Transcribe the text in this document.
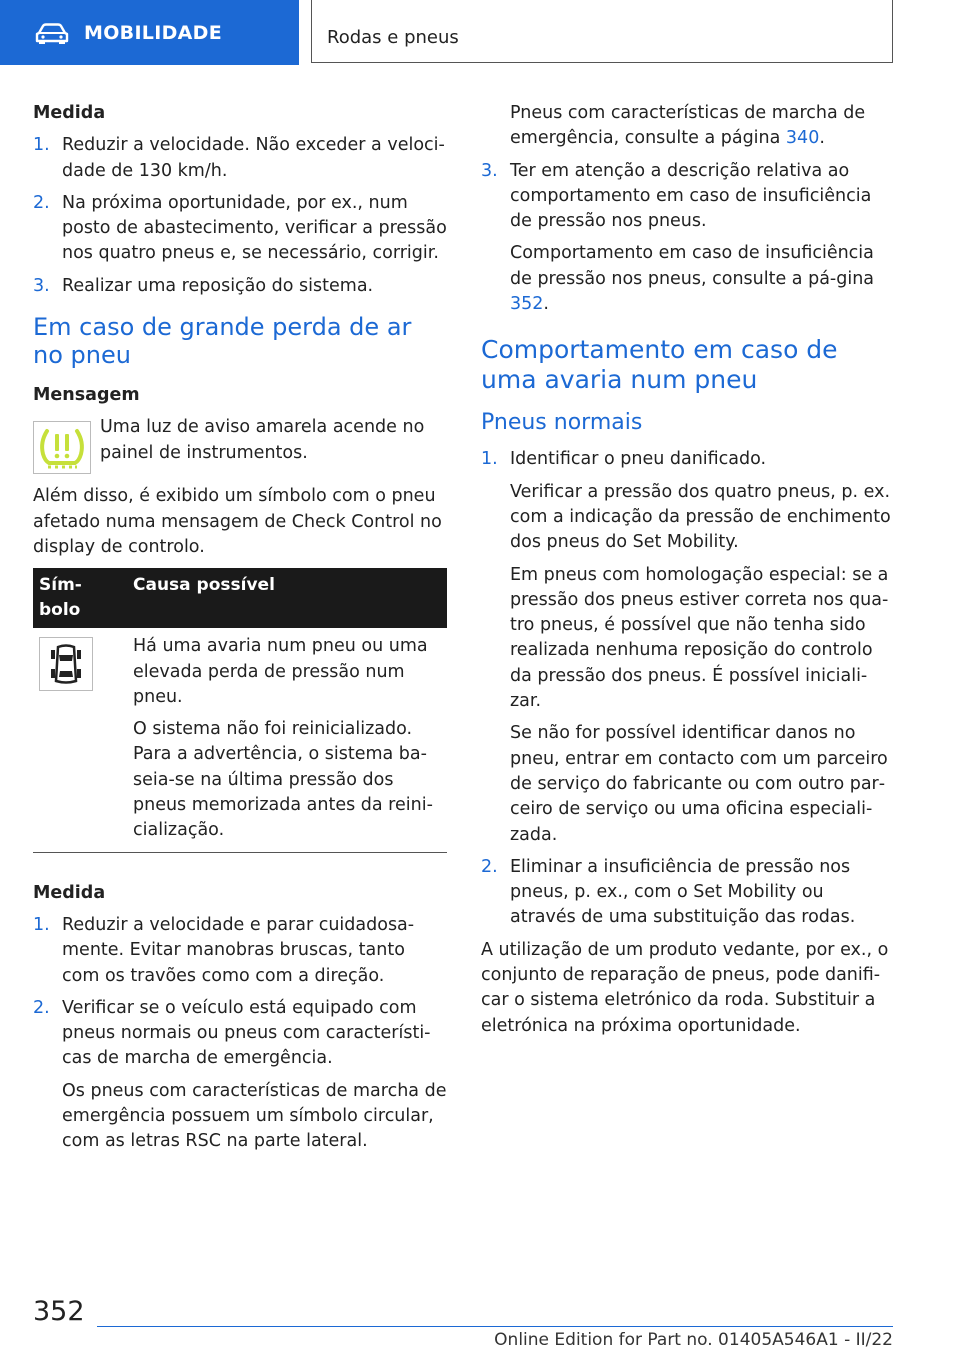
MOBILIDADE	Rodas e pneus
Medida
1. Reduzir a velocidade. Não exceder a veloci‐dade de 130 km/h.
2. Na próxima oportunidade, por ex., num posto de abastecimento, verificar a pressão nos quatro pneus e, se necessário, corrigir.
3. Realizar uma reposição do sistema.
Em caso de grande perda de ar no pneu
Mensagem
Uma luz de aviso amarela acende no painel de instrumentos.

Além disso, é exibido um símbolo com o pneu afetado numa mensagem de Check Control no display de controlo.

Sím‐bolo	Causa possível

Há uma avaria num pneu ou uma elevada perda de pressão num pneu.

O sistema não foi reinicializado. Para a advertência, o sistema ba‐seia-se na última pressão dos pneus memorizada antes da reini‐cialização.

Medida
1. Reduzir a velocidade e parar cuidadosa‐mente. Evitar manobras bruscas, tanto com os travões como com a direção.
2. Verificar se o veículo está equipado com pneus normais ou pneus com característi‐cas de marcha de emergência.

Os pneus com características de marcha de emergência possuem um símbolo circular, com as letras RSC na parte lateral.

Pneus com características de marcha de emergência, consulte a página 340.

3. Ter em atenção a descrição relativa ao comportamento em caso de insuficiência de pressão nos pneus.

Comportamento em caso de insuficiência de pressão nos pneus, consulte a pá‐gina 352.

Comportamento em caso de uma avaria num pneu
Pneus normais
1. Identificar o pneu danificado.

Verificar a pressão dos quatro pneus, p. ex. com a indicação da pressão de enchimento dos pneus do Set Mobility.

Em pneus com homologação especial: se a pressão dos pneus estiver correta nos qua‐tro pneus, é possível que não tenha sido realizada nenhuma reposição do controlo da pressão dos pneus. É possível iniciali‐zar.

Se não for possível identificar danos no pneu, entrar em contacto com um parceiro de serviço do fabricante ou com outro par‐ceiro de serviço ou uma oficina especiali‐zada.

2. Eliminar a insuficiência de pressão nos pneus, p. ex., com o Set Mobility ou através de uma substituição das rodas.

A utilização de um produto vedante, por ex., o conjunto de reparação de pneus, pode danifi‐car o sistema eletrónico da roda. Substituir a eletrónica na próxima oportunidade.

352
Online Edition for Part no. 01405A546A1 - II/22
